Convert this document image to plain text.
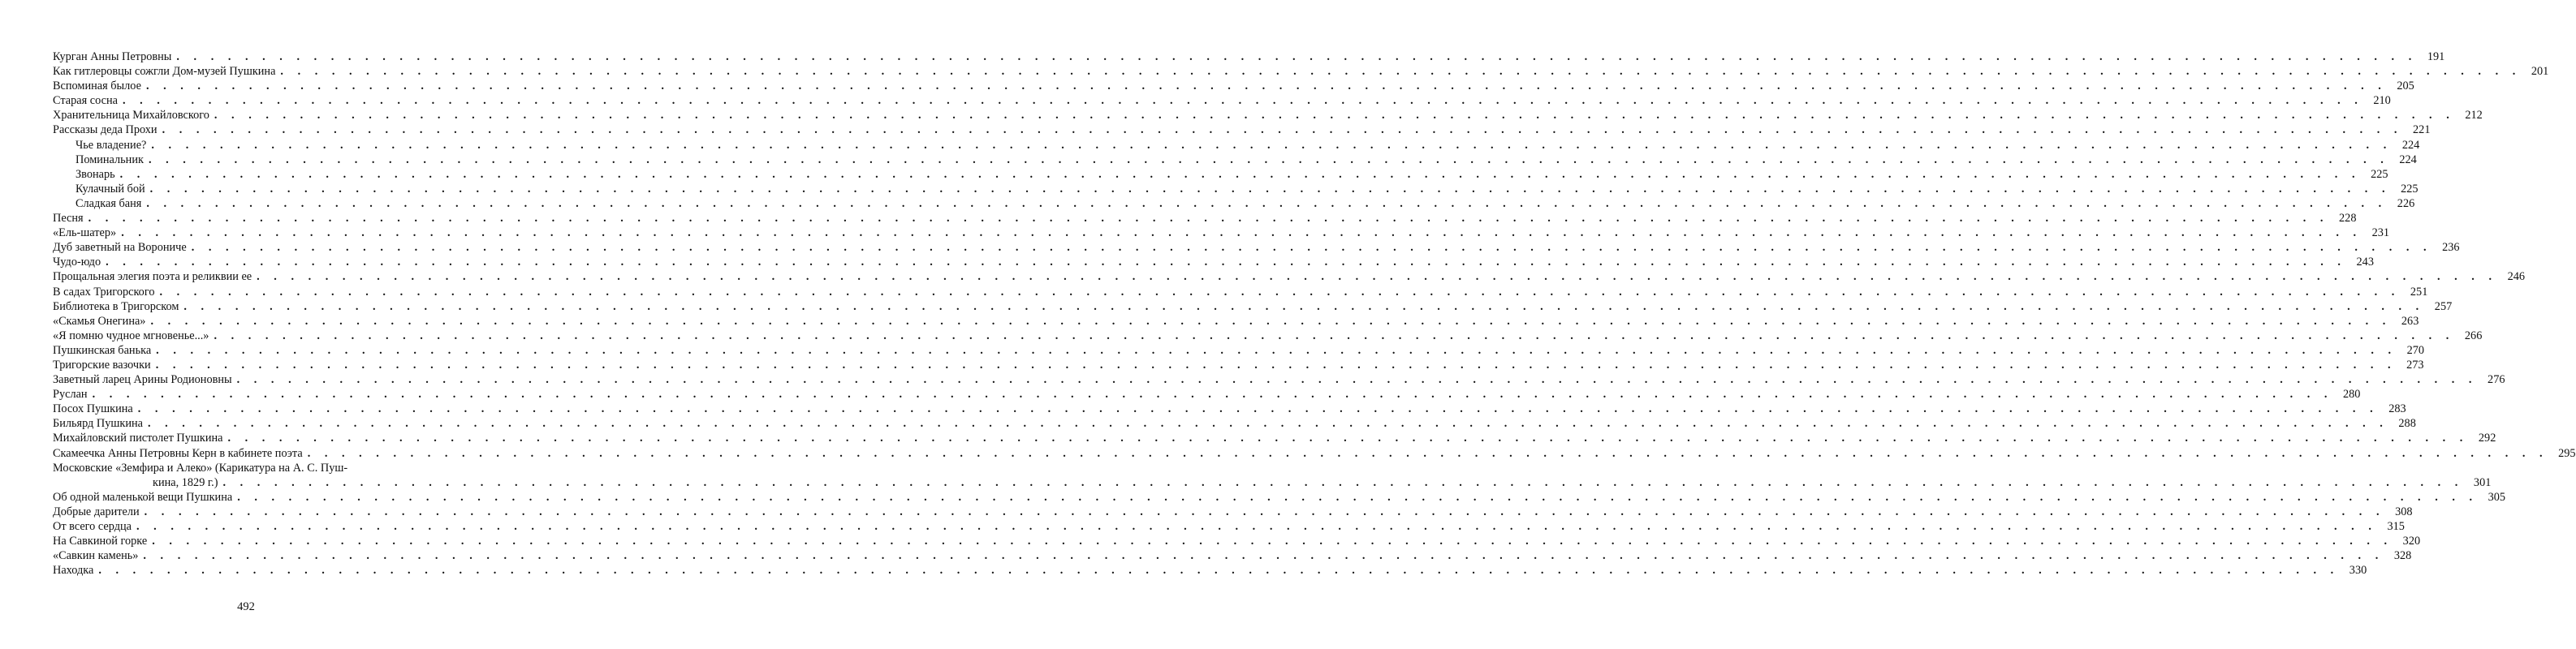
Курган Анны Петровны . . .	191
Как гитлеровцы сожгли Дом-музей Пушкина . . .	201
Вспоминая былое . . .	205
Старая сосна . . .	210
Хранительница Михайловского . . .	212
Рассказы деда Прохи . . .	221
Чье владение? . . .	224
Поминальник . . .	224
Звонарь . . .	225
Кулачный бой . . .	225
Сладкая баня . . .	226
Песня . . .	228
«Ель-шатер» . . .	231
Дуб заветный на Вороничe . . .	236
Чудо-юдо . . .	243
Прощальная элегия поэта и реликвии ее . . .	246
В садах Тригорского . . .	251
Библиотека в Тригорском . . .	257
«Скамья Онегина» . . .	263
«Я помню чудное мгновенье...» . . .	266
Пушкинская банька . . .	270
Тригорские вазочки . . .	273
Заветный ларец Арины Родионовны . . .	276
Руслан . . .	280
Посох Пушкина . . .	283
Бильярд Пушкина . . .	288
Михайловский пистолет Пушкина . . .	292
Скамеечка Анны Петровны Керн в кабинете поэта . . .	295
Московские «Земфира и Алеко» (Карикатура на А. С. Пуш-
кина, 1829 г.) . . .	301
Об одной маленькой вещи Пушкина . . .	305
Добрые дарители . . .	308
От всего сердца . . .	315
На Савкиной горке . . .	320
«Савкин камень» . . .	328
Находка . . .	330
492
